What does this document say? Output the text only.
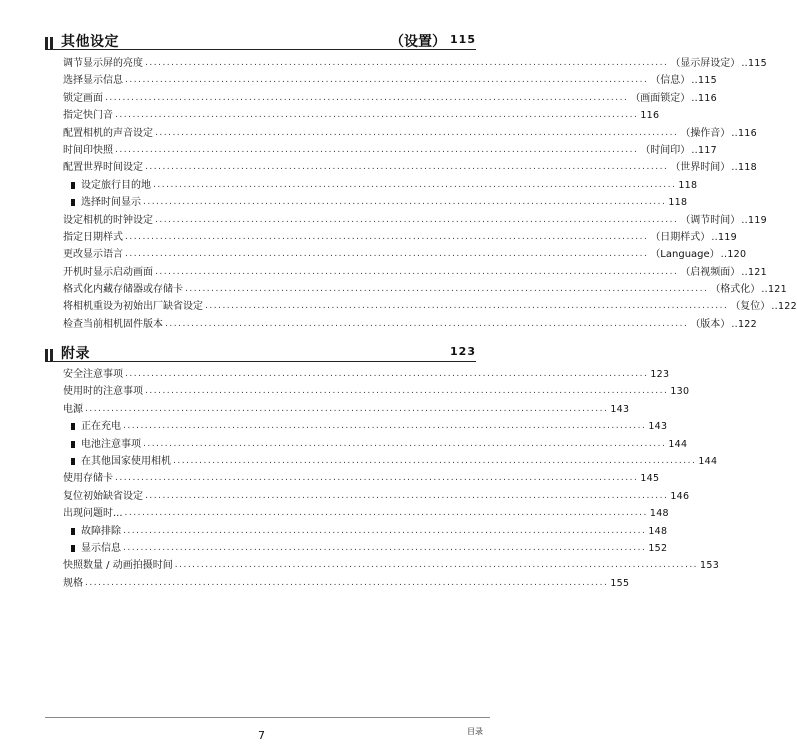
其他设定	（设置） 115
调节显示屏的亮度 ........................................................................................................................ （显示屏设定） .. 115
选择显示信息 ........................................................................................................................ （信息） .. 115
锁定画面 ........................................................................................................................ （画面锁定） .. 116
指定快门音 ........................................................................................................................ 116
配置相机的声音设定 ........................................................................................................................ （操作音） .. 116
时间印快照 ........................................................................................................................ （时间印） .. 117
配置世界时间设定 ........................................................................................................................ （世界时间） .. 118
设定旅行目的地 ........................................................................................................................ 118
选择时间显示 ........................................................................................................................ 118
设定相机的时钟设定 ........................................................................................................................ （调节时间） .. 119
指定日期样式 ........................................................................................................................ （日期样式） .. 119
更改显示语言 ........................................................................................................................ （Language） .. 120
开机时显示启动画面 ........................................................................................................................ （启视频面） .. 121
格式化内藏存储器或存储卡 ........................................................................................................................ （格式化） .. 121
将相机重设为初始出厂缺省设定 ........................................................................................................................ （复位） .. 122
检查当前相机固件版本 ........................................................................................................................ （版本） .. 122
附录	123
安全注意事项 ........................................................................................................................ 123
使用时的注意事项 ........................................................................................................................ 130
电源 ........................................................................................................................ 143
正在充电 ........................................................................................................................ 143
电池注意事项 ........................................................................................................................ 144
在其他国家使用相机 ........................................................................................................................ 144
使用存储卡 ........................................................................................................................ 145
复位初始缺省设定 ........................................................................................................................ 146
出现问题时... ........................................................................................................................ 148
故障排除 ........................................................................................................................ 148
显示信息 ........................................................................................................................ 152
快照数量 / 动画拍摄时间 ........................................................................................................................ 153
规格 ........................................................................................................................ 155
7	目录
